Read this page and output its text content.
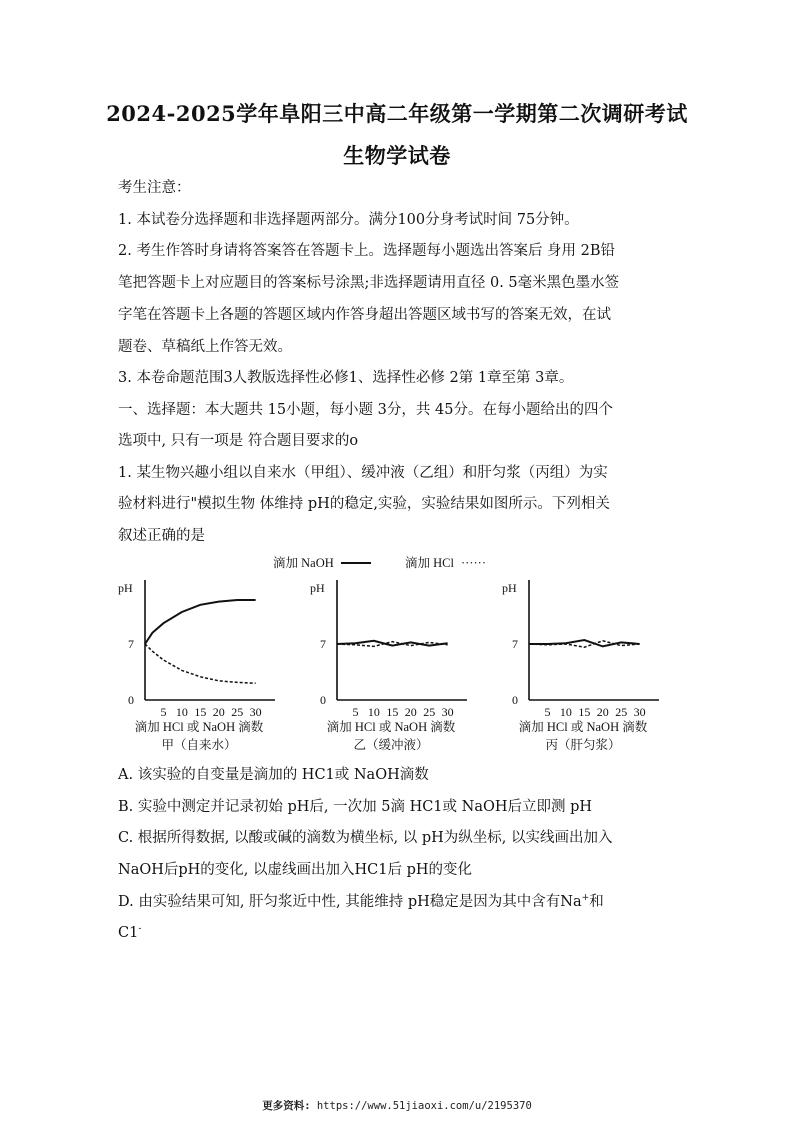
2024-2025学年阜阳三中高二年级第一学期第二次调研考试
生物学试卷
考生注意：
1. 本试卷分选择题和非选择题两部分。满分100分身考试时间 75分钟。
2. 考生作答时身请将答案答在答题卡上。选择题每小题选出答案后 身用 2B铅
笔把答题卡上对应题目的答案标号涂黑;非选择题请用直径 0. 5毫米黑色墨水签
字笔在答题卡上各题的答题区域内作答身超出答题区域书写的答案无效，在试
题卷、草稿纸上作答无效。
3. 本卷命题范围3人教版选择性必修1、选择性必修 2第 1章至第 3章。
一、选择题：本大题共 15小题，每小题 3分，共 45分。在每小题给出的四个
选项中, 只有一项是 符合题目要求的o
1. 某生物兴趣小组以自来水（甲组）、缓冲液（乙组）和肝匀浆（丙组）为实
验材料进行"模拟生物 体维持 pH的稳定,实验，实验结果如图所示。下列相关
叙述正确的是
滴加 NaOH	滴加 HCl ······
pH
7
0
5 10 15 20 25 30
滴加 HCl 或 NaOH 滴数
甲（自来水）
pH
7
0
5 10 15 20 25 30
滴加 HCl 或 NaOH 滴数
乙（缓冲液）
pH
7
0
5 10 15 20 25 30
滴加 HCl 或 NaOH 滴数
丙（肝匀浆）
A. 该实验的自变量是滴加的 HC1或 NaOH滴数
B. 实验中测定并记录初始 pH后, 一次加 5滴 HC1或 NaOH后立即测 pH
C. 根据所得数据, 以酸或碱的滴数为横坐标, 以 pH为纵坐标, 以实线画出加入
NaOH后pH的变化, 以虚线画出加入HC1后 pH的变化
D. 由实验结果可知, 肝匀浆近中性, 其能维持 pH稳定是因为其中含有Na+和
C1-
更多资料: https://www.51jiaoxi.com/u/2195370
